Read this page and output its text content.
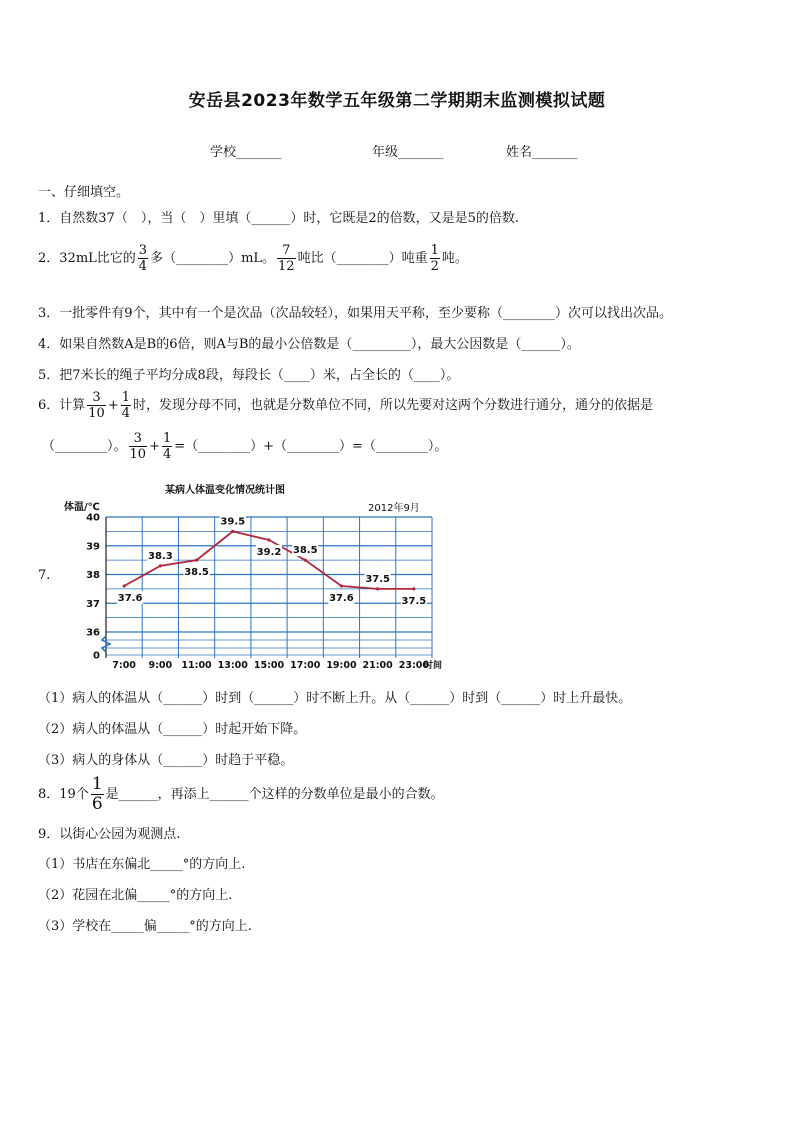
安岳县2023年数学五年级第二学期期末监测模拟试题
学校_______	年级_______	姓名_______
一、仔细填空。
1．自然数37（　），当（　）里填（______）时，它既是2的倍数，又是是5的倍数.
2．32mL比它的 $\frac{3}{4}$ 多（________）mL。 $\frac{7}{12}$ 吨比（________）吨重 $\frac{1}{2}$ 吨。
3．一批零件有9个，其中有一个是次品（次品较轻），如果用天平称，至少要称（________）次可以找出次品。
4．如果自然数A是B的6倍，则A与B的最小公倍数是（_________），最大公因数是（______）。
5．把7米长的绳子平均分成8段，每段长（____）米，占全长的（____）。
6．计算 $\frac{3}{10} + \frac{1}{4}$ 时，发现分母不同，也就是分数单位不同，所以先要对这两个分数进行通分，通分的依据是
（________）。 $\frac{3}{10} + \frac{1}{4}$ =（________）+（________）=（________）。
7.
某病人体温变化情况统计图
体温/℃	2012年9月
40
39
38
37
36
0
7:00 9:00 11:00 13:00 15:00 17:00 19:00 21:00 23:00
37.6
38.3
38.5
39.5
39.2 38.5
37.6
37.5
37.5
时间
（1）病人的体温从（______）时到（______）时不断上升。从（______）时到（______）时上升最快。
（2）病人的体温从（______）时起开始下降。
（3）病人的身体从（______）时趋于平稳。
8．19个 $\frac{1}{6}$ 是______，再添上______个这样的分数单位是最小的合数。
9．以街心公园为观测点.
（1）书店在东偏北_____°的方向上.
（2）花园在北偏_____°的方向上.
（3）学校在_____偏_____°的方向上.
